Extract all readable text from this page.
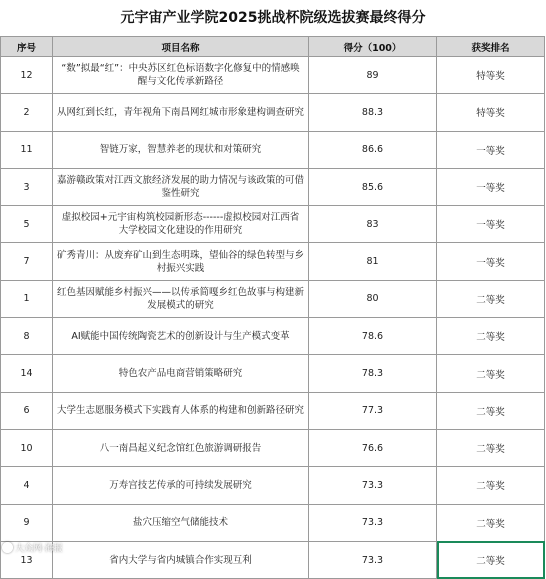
元宇宙产业学院2025挑战杯院级选拔赛最终得分
序号	项目名称	得分（100）	获奖排名
12	“数”拟最“红”：中央苏区红色标语数字化修复中的情感唤醒与文化传承新路径	89	特等奖
2	从网红到长红，青年视角下南昌网红城市形象建构调查研究	88.3	特等奖
11	智链万家，智慧养老的现状和对策研究	86.6	一等奖
3	嘉游赣政策对江西文旅经济发展的助力情况与该政策的可借鉴性研究	85.6	一等奖
5	虚拟校园+元宇宙构筑校园新形态------虚拟校园对江西省大学校园文化建设的作用研究	83	一等奖
7	矿秀青川：从废弃矿山到生态明珠，望仙谷的绿色转型与乡村振兴实践	81	一等奖
1	红色基因赋能乡村振兴——以传承简嘎乡红色故事与构建新发展模式的研究	80	二等奖
8	AI赋能中国传统陶瓷艺术的创新设计与生产模式变革	78.6	二等奖
14	特色农产品电商营销策略研究	78.3	二等奖
6	大学生志愿服务模式下实践育人体系的构建和创新路径研究	77.3	二等奖
10	八一南昌起义纪念馆红色旅游调研报告	76.6	二等奖
4	万寿宫技艺传承的可持续发展研究	73.3	二等奖
9	盐穴压缩空气储能技术	73.3	二等奖
13	省内大学与省内城镇合作实现互利	73.3	二等奖
大众网·海报
